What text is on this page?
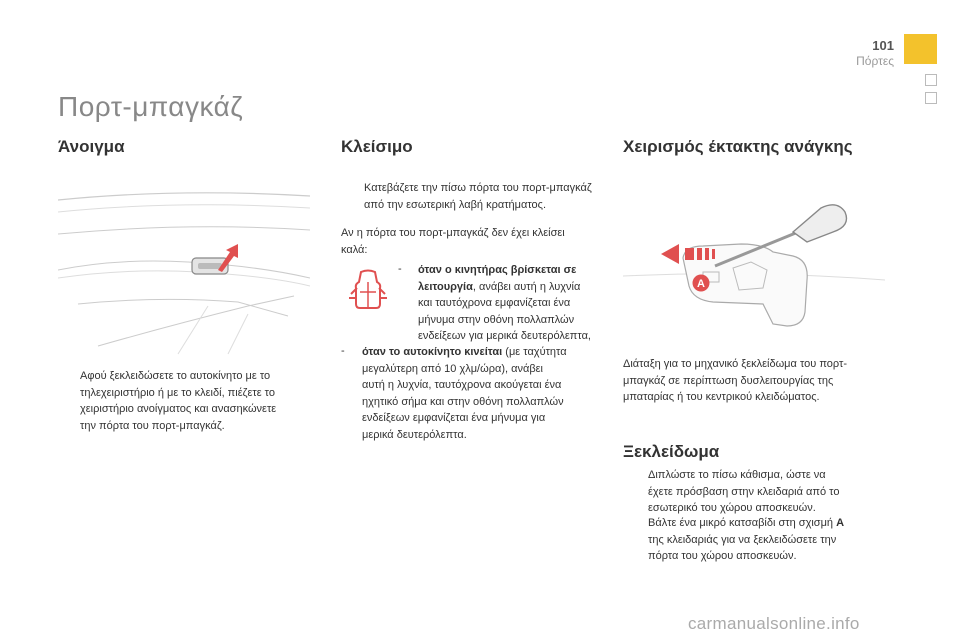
101
Πόρτες
Πορτ-μπαγκάζ
Άνοιγμα
Αφού ξεκλειδώσετε το αυτοκίνητο με το
τηλεχειριστήριο ή με το κλειδί, πιέζετε το
χειριστήριο ανοίγματος και ανασηκώνετε
την πόρτα του πορτ-μπαγκάζ.
Κλείσιμο
Κατεβάζετε την πίσω πόρτα του πορτ-μπαγκάζ
από την εσωτερική λαβή κρατήματος.
Αν η πόρτα του πορτ-μπαγκάζ δεν έχει κλείσει
καλά:
- όταν ο κινητήρας βρίσκεται σε
λειτουργία, ανάβει αυτή η λυχνία
και ταυτόχρονα εμφανίζεται ένα
μήνυμα στην οθόνη πολλαπλών
ενδείξεων για μερικά δευτερόλεπτα,
- όταν το αυτοκίνητο κινείται (με ταχύτητα
μεγαλύτερη από 10 χλμ/ώρα), ανάβει
αυτή η λυχνία, ταυτόχρονα ακούγεται ένα
ηχητικό σήμα και στην οθόνη πολλαπλών
ενδείξεων εμφανίζεται ένα μήνυμα για
μερικά δευτερόλεπτα.
Χειρισμός έκτακτης ανάγκης
A
Διάταξη για το μηχανικό ξεκλείδωμα του πορτ-
μπαγκάζ σε περίπτωση δυσλειτουργίας της
μπαταρίας ή του κεντρικού κλειδώματος.
Ξεκλείδωμα
Διπλώστε το πίσω κάθισμα, ώστε να
έχετε πρόσβαση στην κλειδαριά από το
εσωτερικό του χώρου αποσκευών.
Βάλτε ένα μικρό κατσαβίδι στη σχισμή A
της κλειδαριάς για να ξεκλειδώσετε την
πόρτα του χώρου αποσκευών.
carmanualsonline.info
